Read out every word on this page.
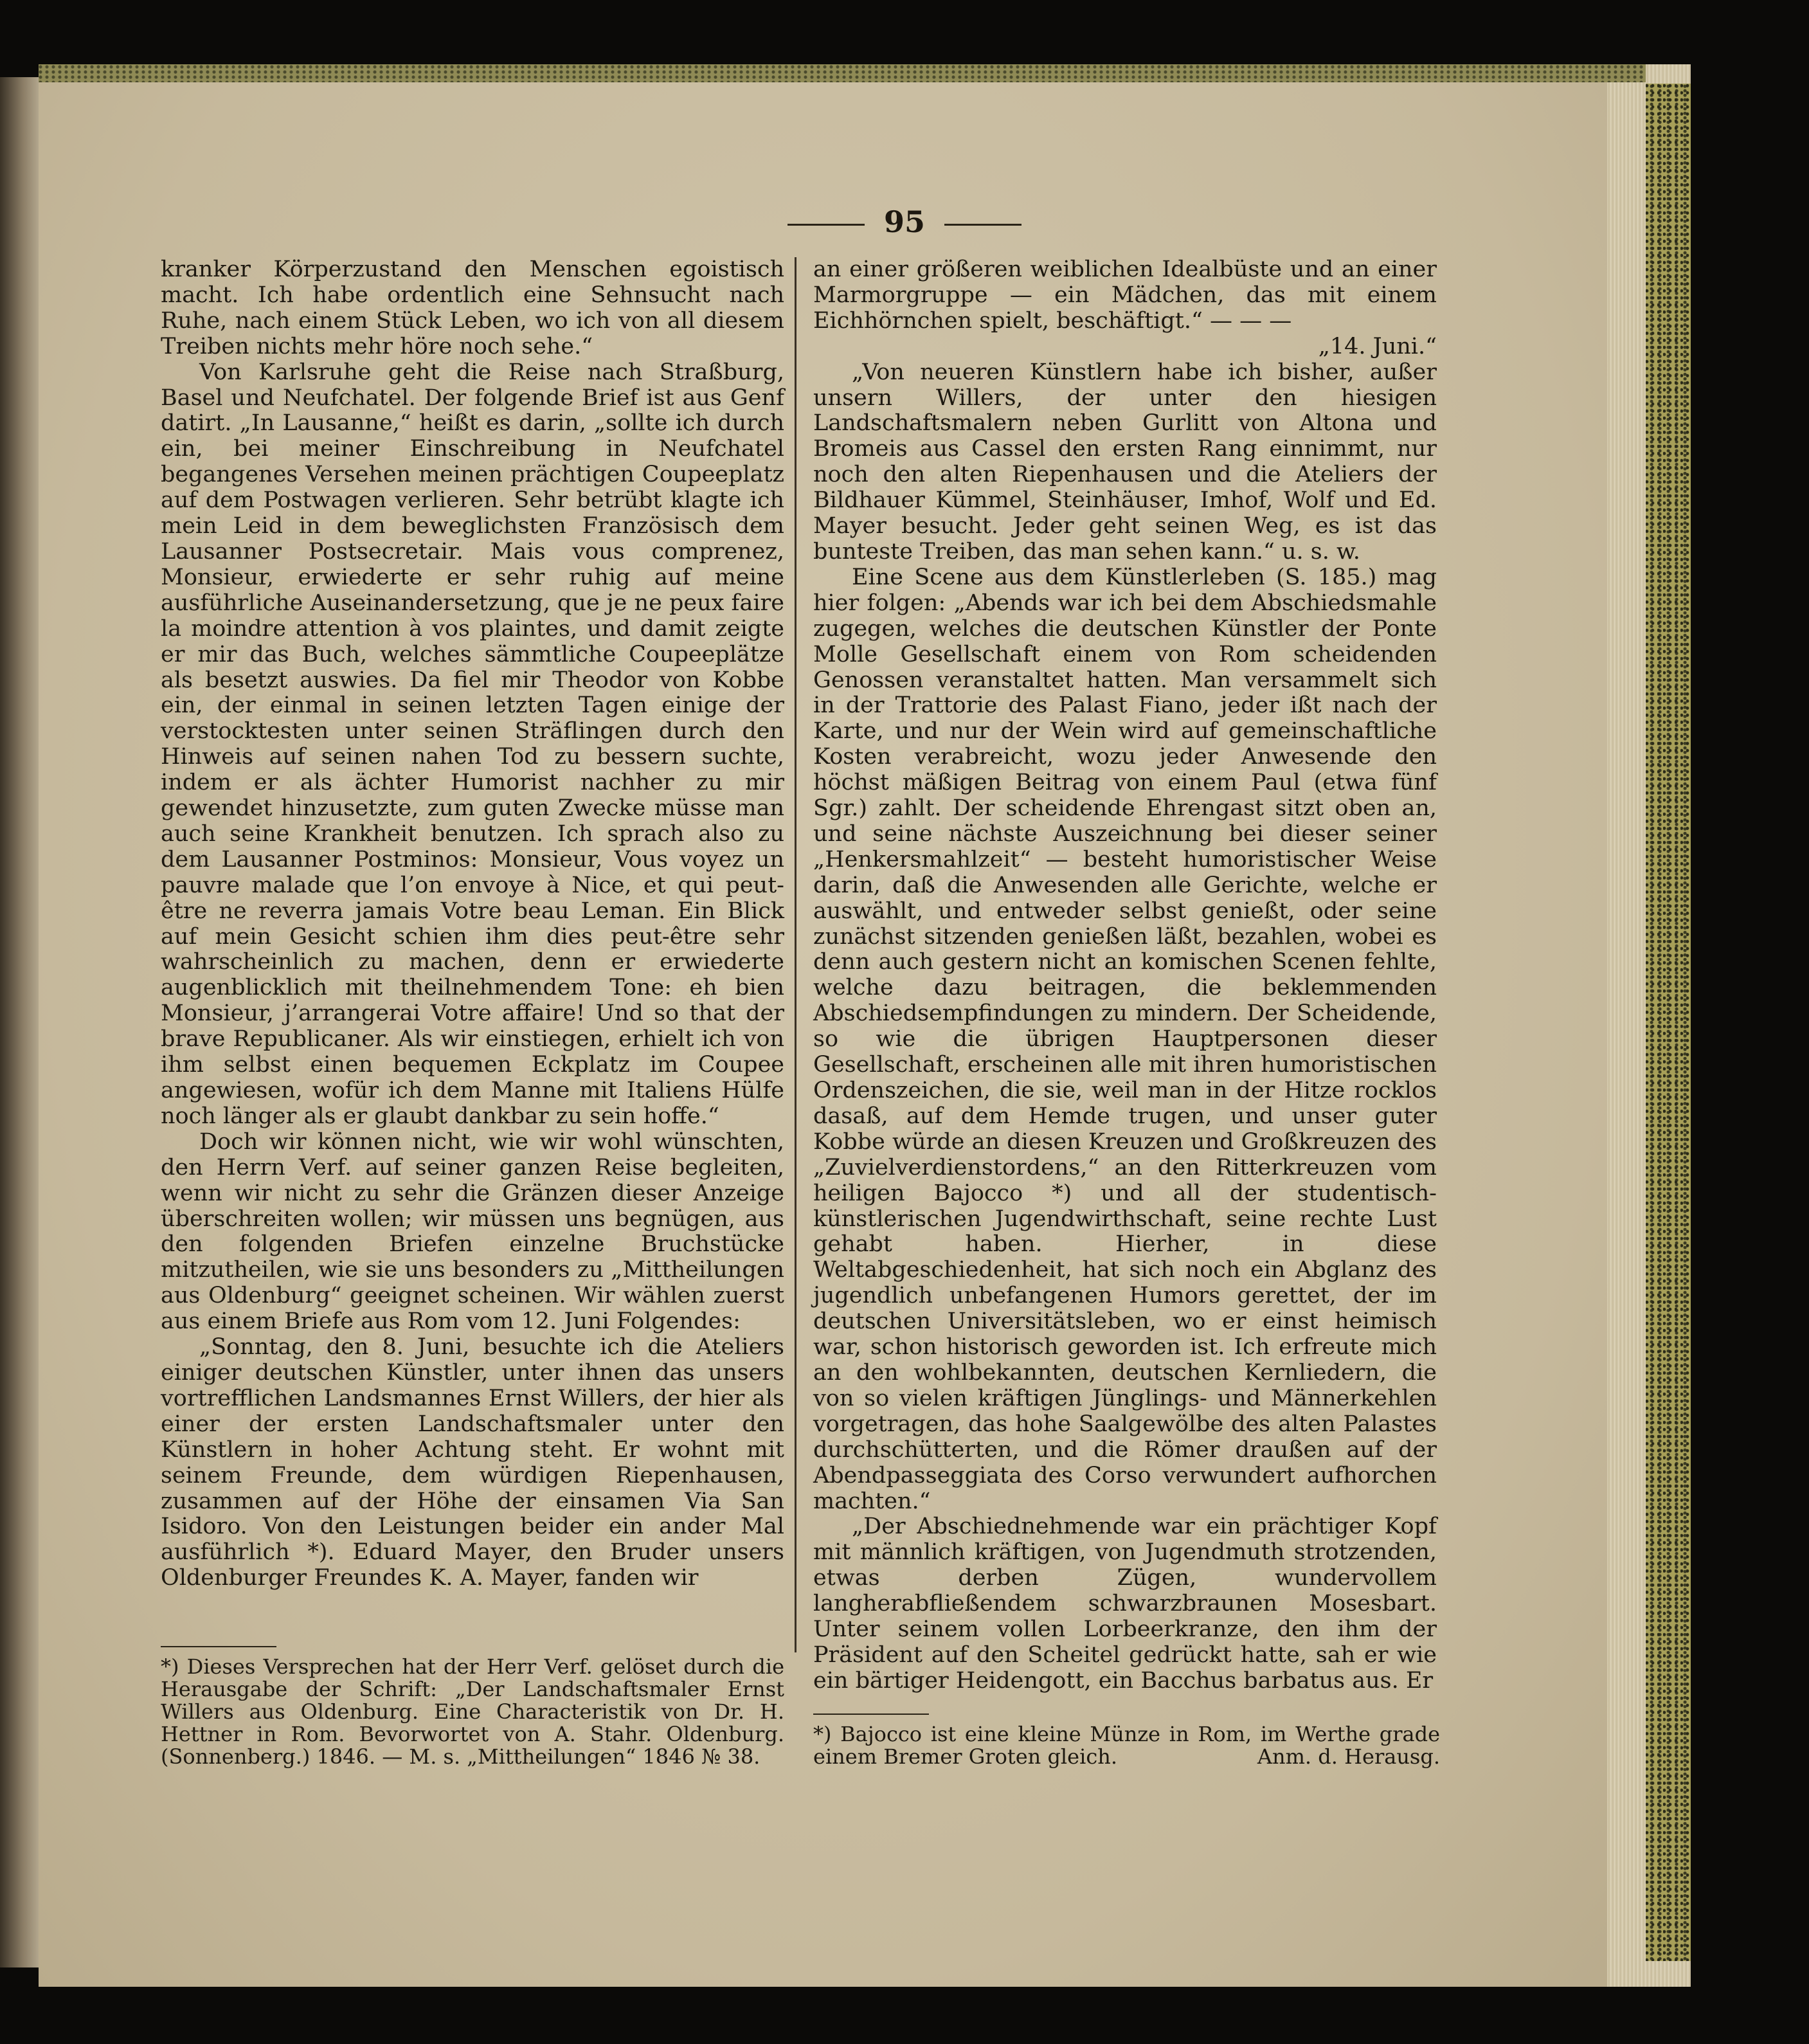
95

kranker Körperzustand den Menschen egoistisch macht. Ich habe ordentlich eine Sehnsucht nach Ruhe, nach einem Stück Leben, wo ich von all diesem Treiben nichts mehr höre noch sehe.“

Von Karlsruhe geht die Reise nach Straßburg, Basel und Neufchatel. Der folgende Brief ist aus Genf datirt. „In Lausanne,“ heißt es darin, „sollte ich durch ein, bei meiner Einschreibung in Neufchatel begangenes Versehen meinen prächtigen Coupeeplatz auf dem Postwagen verlieren. Sehr betrübt klagte ich mein Leid in dem beweglichsten Französisch dem Lausanner Postsecretair. Mais vous comprenez, Monsieur, erwiederte er sehr ruhig auf meine ausführliche Auseinandersetzung, que je ne peux faire la moindre attention à vos plaintes, und damit zeigte er mir das Buch, welches sämmtliche Coupeeplätze als besetzt auswies. Da fiel mir Theodor von Kobbe ein, der einmal in seinen letzten Tagen einige der verstocktesten unter seinen Sträflingen durch den Hinweis auf seinen nahen Tod zu bessern suchte, indem er als ächter Humorist nachher zu mir gewendet hinzusetzte, zum guten Zwecke müsse man auch seine Krankheit benutzen. Ich sprach also zu dem Lausanner Postminos: Monsieur, Vous voyez un pauvre malade que l’on envoye à Nice, et qui peut-être ne reverra jamais Votre beau Leman. Ein Blick auf mein Gesicht schien ihm dies peut-être sehr wahrscheinlich zu machen, denn er erwiederte augenblicklich mit theilnehmendem Tone: eh bien Monsieur, j’arrangerai Votre affaire! Und so that der brave Republicaner. Als wir einstiegen, erhielt ich von ihm selbst einen bequemen Eckplatz im Coupee angewiesen, wofür ich dem Manne mit Italiens Hülfe noch länger als er glaubt dankbar zu sein hoffe.“

Doch wir können nicht, wie wir wohl wünschten, den Herrn Verf. auf seiner ganzen Reise begleiten, wenn wir nicht zu sehr die Gränzen dieser Anzeige überschreiten wollen; wir müssen uns begnügen, aus den folgenden Briefen einzelne Bruchstücke mitzutheilen, wie sie uns besonders zu „Mittheilungen aus Oldenburg“ geeignet scheinen. Wir wählen zuerst aus einem Briefe aus Rom vom 12. Juni Folgendes:

„Sonntag, den 8. Juni, besuchte ich die Ateliers einiger deutschen Künstler, unter ihnen das unsers vortrefflichen Landsmannes Ernst Willers, der hier als einer der ersten Landschaftsmaler unter den Künstlern in hoher Achtung steht. Er wohnt mit seinem Freunde, dem würdigen Riepenhausen, zusammen auf der Höhe der einsamen Via San Isidoro. Von den Leistungen beider ein ander Mal ausführlich *). Eduard Mayer, den Bruder unsers Oldenburger Freundes K. A. Mayer, fanden wir

an einer größeren weiblichen Idealbüste und an einer Marmorgruppe — ein Mädchen, das mit einem Eichhörnchen spielt, beschäftigt.“ — — —

„14. Juni.“

„Von neueren Künstlern habe ich bisher, außer unsern Willers, der unter den hiesigen Landschaftsmalern neben Gurlitt von Altona und Bromeis aus Cassel den ersten Rang einnimmt, nur noch den alten Riepenhausen und die Ateliers der Bildhauer Kümmel, Steinhäuser, Imhof, Wolf und Ed. Mayer besucht. Jeder geht seinen Weg, es ist das bunteste Treiben, das man sehen kann.“ u. s. w.

Eine Scene aus dem Künstlerleben (S. 185.) mag hier folgen: „Abends war ich bei dem Abschiedsmahle zugegen, welches die deutschen Künstler der Ponte Molle Gesellschaft einem von Rom scheidenden Genossen veranstaltet hatten. Man versammelt sich in der Trattorie des Palast Fiano, jeder ißt nach der Karte, und nur der Wein wird auf gemeinschaftliche Kosten verabreicht, wozu jeder Anwesende den höchst mäßigen Beitrag von einem Paul (etwa fünf Sgr.) zahlt. Der scheidende Ehrengast sitzt oben an, und seine nächste Auszeichnung bei dieser seiner „Henkersmahlzeit“ — besteht humoristischer Weise darin, daß die Anwesenden alle Gerichte, welche er auswählt, und entweder selbst genießt, oder seine zunächst sitzenden genießen läßt, bezahlen, wobei es denn auch gestern nicht an komischen Scenen fehlte, welche dazu beitragen, die beklemmenden Abschiedsempfindungen zu mindern. Der Scheidende, so wie die übrigen Hauptpersonen dieser Gesellschaft, erscheinen alle mit ihren humoristischen Ordenszeichen, die sie, weil man in der Hitze rocklos dasaß, auf dem Hemde trugen, und unser guter Kobbe würde an diesen Kreuzen und Großkreuzen des „Zuvielverdienstordens,“ an den Ritterkreuzen vom heiligen Bajocco *) und all der studentisch-künstlerischen Jugendwirthschaft, seine rechte Lust gehabt haben. Hierher, in diese Weltabgeschiedenheit, hat sich noch ein Abglanz des jugendlich unbefangenen Humors gerettet, der im deutschen Universitätsleben, wo er einst heimisch war, schon historisch geworden ist. Ich erfreute mich an den wohlbekannten, deutschen Kernliedern, die von so vielen kräftigen Jünglings- und Männerkehlen vorgetragen, das hohe Saalgewölbe des alten Palastes durchschütterten, und die Römer draußen auf der Abendpasseggiata des Corso verwundert aufhorchen machten.“

„Der Abschiednehmende war ein prächtiger Kopf mit männlich kräftigen, von Jugendmuth strotzenden, etwas derben Zügen, wundervollem langherabfließendem schwarzbraunen Mosesbart. Unter seinem vollen Lorbeerkranze, den ihm der Präsident auf den Scheitel gedrückt hatte, sah er wie ein bärtiger Heidengott, ein Bacchus barbatus aus. Er

*) Dieses Versprechen hat der Herr Verf. gelöset durch die Herausgabe der Schrift: „Der Landschaftsmaler Ernst Willers aus Oldenburg. Eine Characteristik von Dr. H. Hettner in Rom. Bevorwortet von A. Stahr. Oldenburg. (Sonnenberg.) 1846. — M. s. „Mittheilungen“ 1846 № 38.
*) Bajocco ist eine kleine Münze in Rom, im Werthe grade einem Bremer Groten gleich.	Anm. d. Herausg.
